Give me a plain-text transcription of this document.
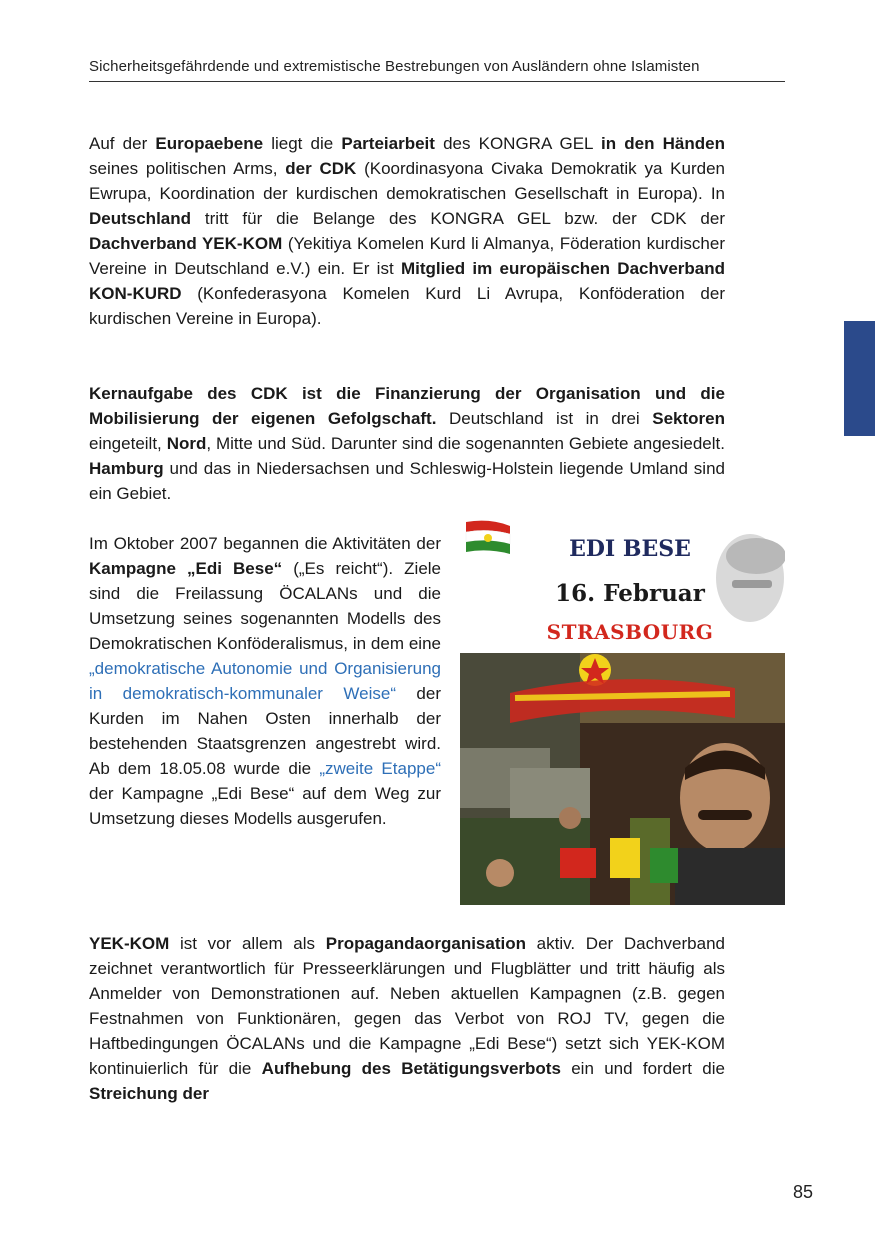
Sicherheitsgefährdende und extremistische Bestrebungen von Ausländern ohne Islamisten

Auf der Europaebene liegt die Parteiarbeit des KONGRA GEL in den Händen seines politischen Arms, der CDK (Koordinasyona Civaka Demokratik ya Kurden Ewrupa, Koordination der kurdischen demokratischen Gesellschaft in Europa). In Deutschland tritt für die Belange des KONGRA GEL bzw. der CDK der Dachverband YEK-KOM (Yekitiya Komelen Kurd li Almanya, Föderation kurdischer Vereine in Deutschland e.V.) ein. Er ist Mitglied im europäischen Dachverband KON-KURD (Konfederasyona Komelen Kurd Li Avrupa, Konföderation der kurdischen Vereine in Europa).

Kernaufgabe des CDK ist die Finanzierung der Organisation und die Mobilisierung der eigenen Gefolgschaft. Deutschland ist in drei Sektoren eingeteilt, Nord, Mitte und Süd. Darunter sind die sogenannten Gebiete angesiedelt. Hamburg und das in Niedersachsen und Schleswig-Holstein liegende Umland sind ein Gebiet.

Im Oktober 2007 begannen die Aktivitäten der Kampagne „Edi Bese“ („Es reicht“). Ziele sind die Freilassung ÖCALANs und die Umsetzung seines sogenannten Modells des Demokratischen Konföderalismus, in dem eine „demokratische Autonomie und Organisierung in demokratisch-kommunaler Weise“ der Kurden im Nahen Osten innerhalb der bestehenden Staatsgrenzen angestrebt wird. Ab dem 18.05.08 wurde die „zweite Etappe“ der Kampagne „Edi Bese“ auf dem Weg zur Umsetzung dieses Modells ausgerufen.

EDI BESE
16. Februar
STRASBOURG

YEK-KOM ist vor allem als Propagandaorganisation aktiv. Der Dachverband zeichnet verantwortlich für Presseerklärungen und Flugblätter und tritt häufig als Anmelder von Demonstrationen auf. Neben aktuellen Kampagnen (z.B. gegen Festnahmen von Funktionären, gegen das Verbot von ROJ TV, gegen die Haftbedingungen ÖCALANs und die Kampagne „Edi Bese“) setzt sich YEK-KOM kontinuierlich für die Aufhebung des Betätigungsverbots ein und fordert die Streichung der

85
